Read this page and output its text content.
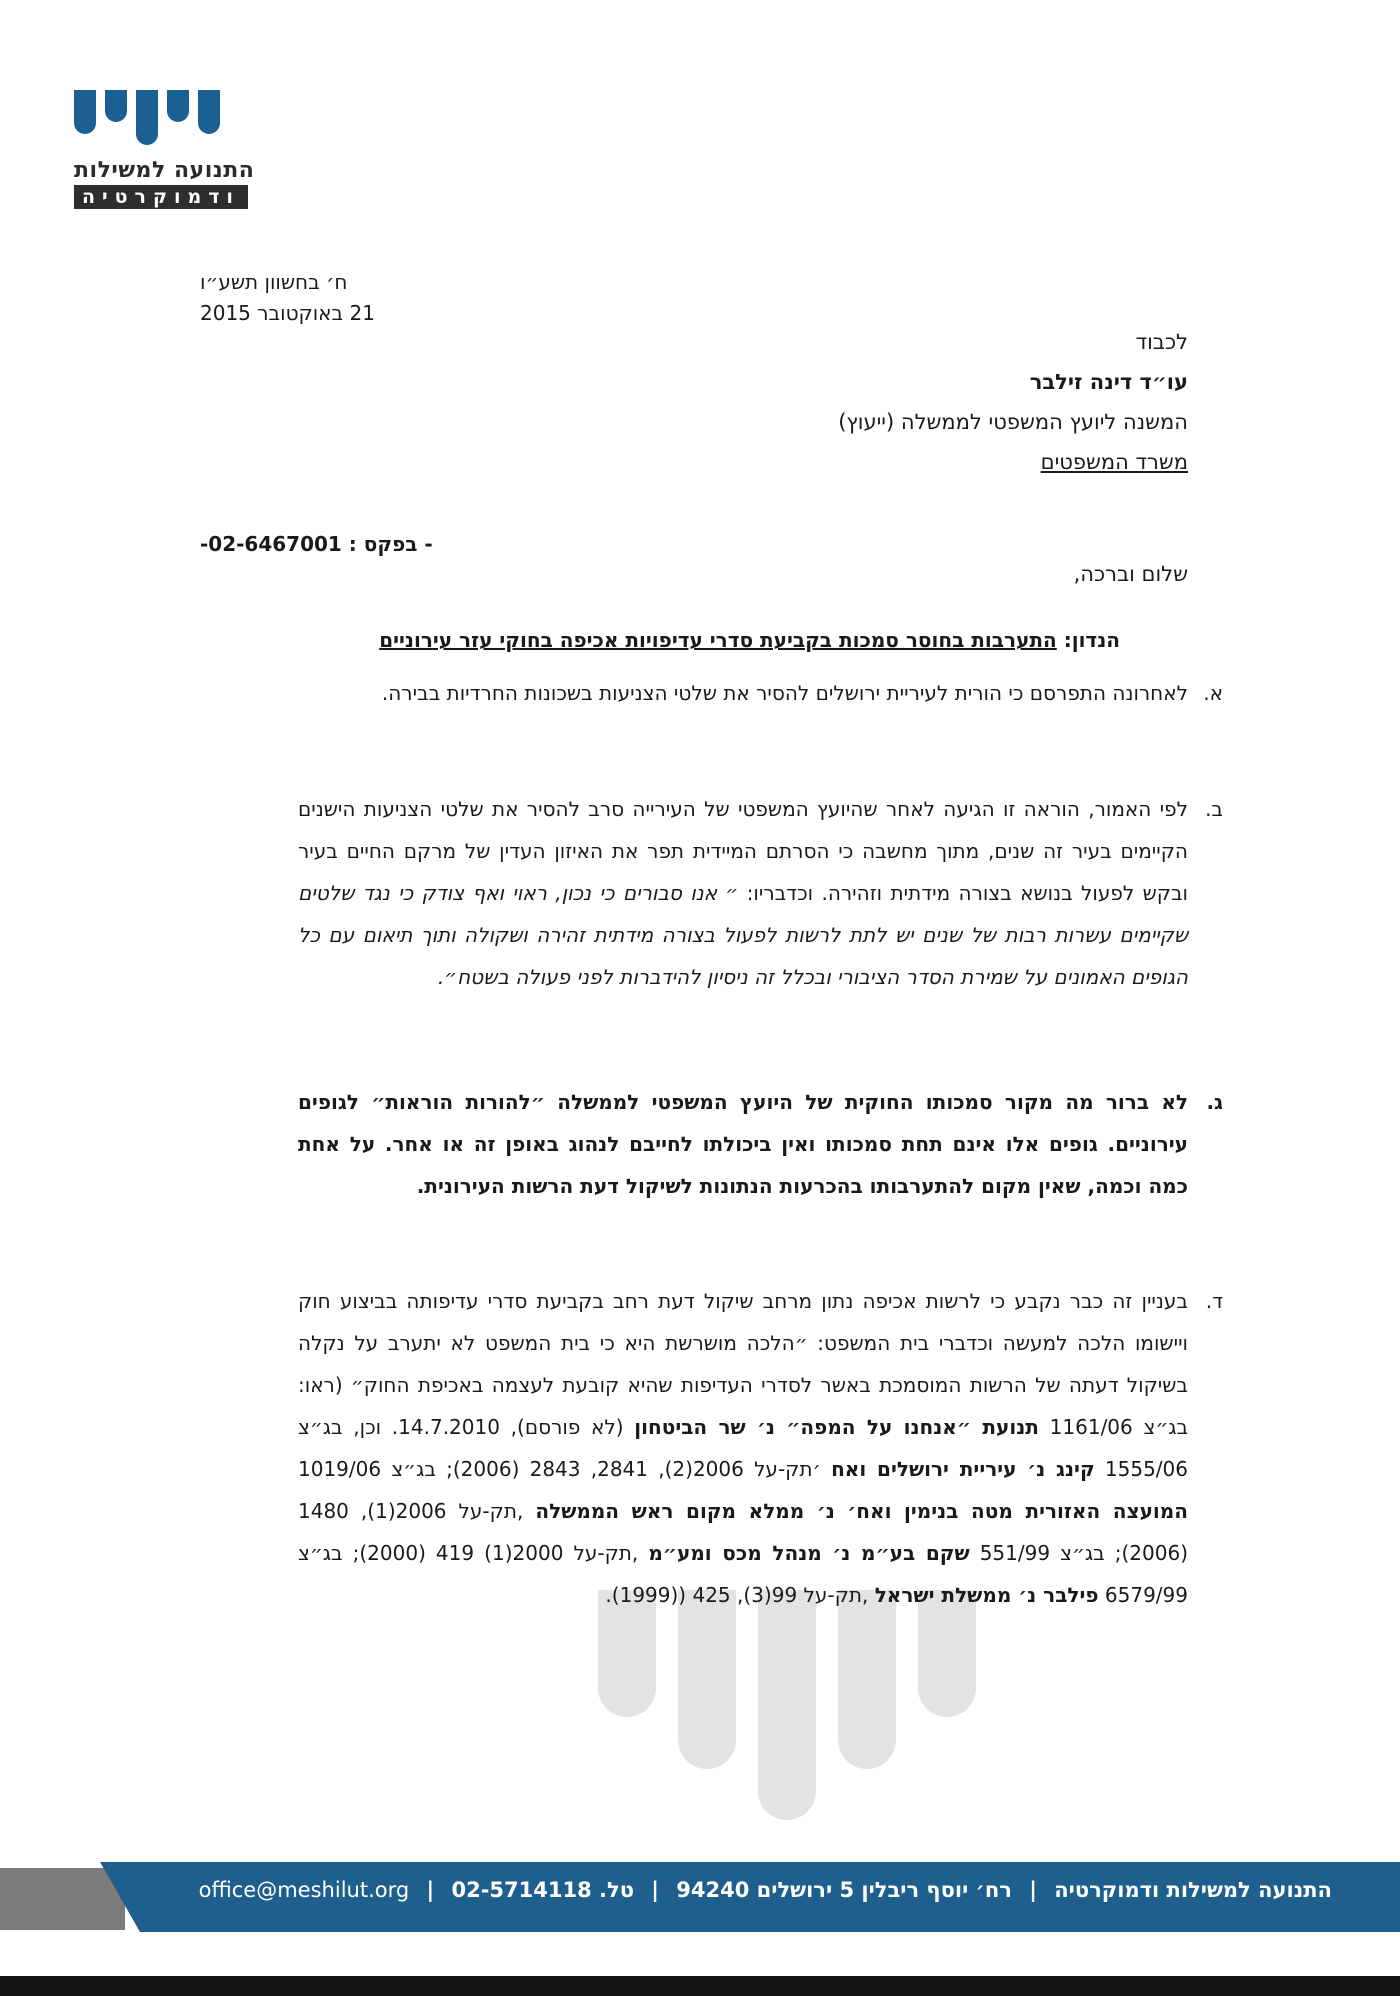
התנועה למשילות
ודמוקרטיה
ח׳ בחשוון תשע״ו
21 באוקטובר 2015
לכבוד
עו״ד דינה זילבר
המשנה ליועץ המשפטי לממשלה (ייעוץ)
משרד המשפטים
-02-6467001 : בפקס -
שלום וברכה,
הנדון: התערבות בחוסר סמכות בקביעת סדרי עדיפויות אכיפה בחוקי עזר עירוניים
א.
לאחרונה התפרסם כי הורית לעיריית ירושלים להסיר את שלטי הצניעות בשכונות החרדיות בבירה.
ב.
לפי האמור, הוראה זו הגיעה לאחר שהיועץ המשפטי של העירייה סרב להסיר את שלטי הצניעות הישנים הקיימים בעיר זה שנים, מתוך מחשבה כי הסרתם המיידית תפר את האיזון העדין של מרקם החיים בעיר ובקש לפעול בנושא בצורה מידתית וזהירה. וכדבריו: ״ אנו סבורים כי נכון, ראוי ואף צודק כי נגד שלטים שקיימים עשרות רבות של שנים יש לתת לרשות לפעול בצורה מידתית זהירה ושקולה ותוך תיאום עם כל הגופים האמונים על שמירת הסדר הציבורי ובכלל זה ניסיון להידברות לפני פעולה בשטח״.
ג.
לא ברור מה מקור סמכותו החוקית של היועץ המשפטי לממשלה ״להורות הוראות״ לגופים עירוניים. גופים אלו אינם תחת סמכותו ואין ביכולתו לחייבם לנהוג באופן זה או אחר. על אחת כמה וכמה, שאין מקום להתערבותו בהכרעות הנתונות לשיקול דעת הרשות העירונית.
ד.
בעניין זה כבר נקבע כי לרשות אכיפה נתון מרחב שיקול דעת רחב בקביעת סדרי עדיפותה בביצוע חוק ויישומו הלכה למעשה וכדברי בית המשפט: ״הלכה מושרשת היא כי בית המשפט לא יתערב על נקלה בשיקול דעתה של הרשות המוסמכת באשר לסדרי העדיפות שהיא קובעת לעצמה באכיפת החוק״ (ראו: בג״צ 1161/06 תנועת ״אנחנו על המפה״ נ׳ שר הביטחון (לא פורסם), 14.7.2010. וכן, בג״צ 1555/06 קינג נ׳ עיריית ירושלים ואח ׳תק-על 2006(2), 2841, 2843 (2006); בג״צ 1019/06 המועצה האזורית מטה בנימין ואח׳ נ׳ ממלא מקום ראש הממשלה ,תק-על 2006(1), 1480 (2006); בג״צ 551/99 שקם בע״מ נ׳ מנהל מכס ומע״מ ,תק-על 2000(1) 419 (2000); בג״צ 6579/99 פילבר נ׳ ממשלת ישראל ,תק-על 99(3), 425 ((1999).
התנועה למשילות ודמוקרטיה | רח׳ יוסף ריבלין 5 ירושלים 94240 | טל. 02-5714118 | office@meshilut.org
